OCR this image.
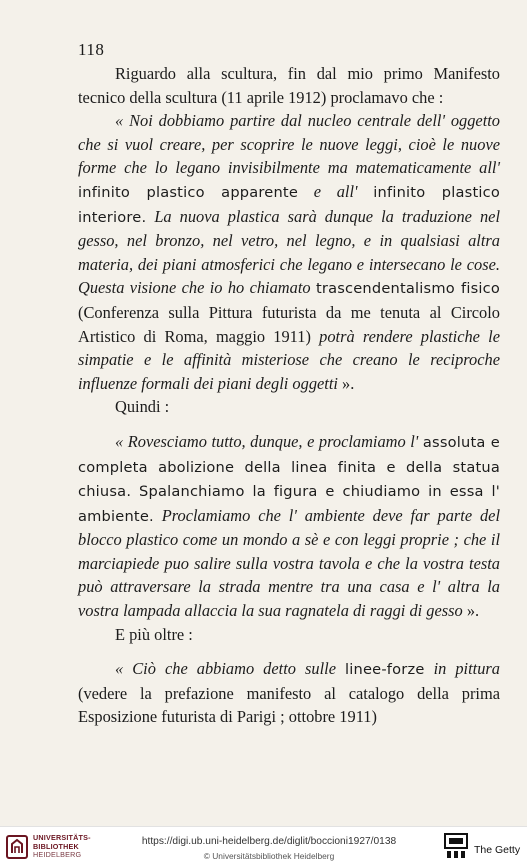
118

Riguardo alla scultura, fin dal mio primo Manifesto tecnico della scultura (11 aprile 1912) proclamavo che :

« Noi dobbiamo partire dal nucleo centrale dell' oggetto che si vuol creare, per scoprire le nuove leggi, cioè le nuove forme che lo legano invisibilmente ma matematicamente all' infinito plastico apparente e all' infinito plastico interiore. La nuova plastica sarà dunque la traduzione nel gesso, nel bronzo, nel vetro, nel legno, e in qualsiasi altra materia, dei piani atmosferici che legano e intersecano le cose. Questa visione che io ho chiamato trascendentalismo fisico (Conferenza sulla Pittura futurista da me tenuta al Circolo Artistico di Roma, maggio 1911) potrà rendere plastiche le simpatie e le affinità misteriose che creano le reciproche influenze formali dei piani degli oggetti ».

Quindi :

« Rovesciamo tutto, dunque, e proclamiamo l' assoluta e completa abolizione della linea finita e della statua chiusa. Spalanchiamo la figura e chiudiamo in essa l' ambiente. Proclamiamo che l' ambiente deve far parte del blocco plastico come un mondo a sè e con leggi proprie ; che il marciapiede puo salire sulla vostra tavola e che la vostra testa può attraversare la strada mentre tra una casa e l' altra la vostra lampada allaccia la sua ragnatela di raggi di gesso ».

E più oltre :

« Ciò che abbiamo detto sulle linee-forze in pittura (vedere la prefazione manifesto al catalogo della prima Esposizione futurista di Parigi ; ottobre 1911)

UNIVERSITÄTS-
BIBLIOTHEK
HEIDELBERG
https://digi.ub.uni-heidelberg.de/diglit/boccioni1927/0138
© Universitätsbibliothek Heidelberg	The Getty
